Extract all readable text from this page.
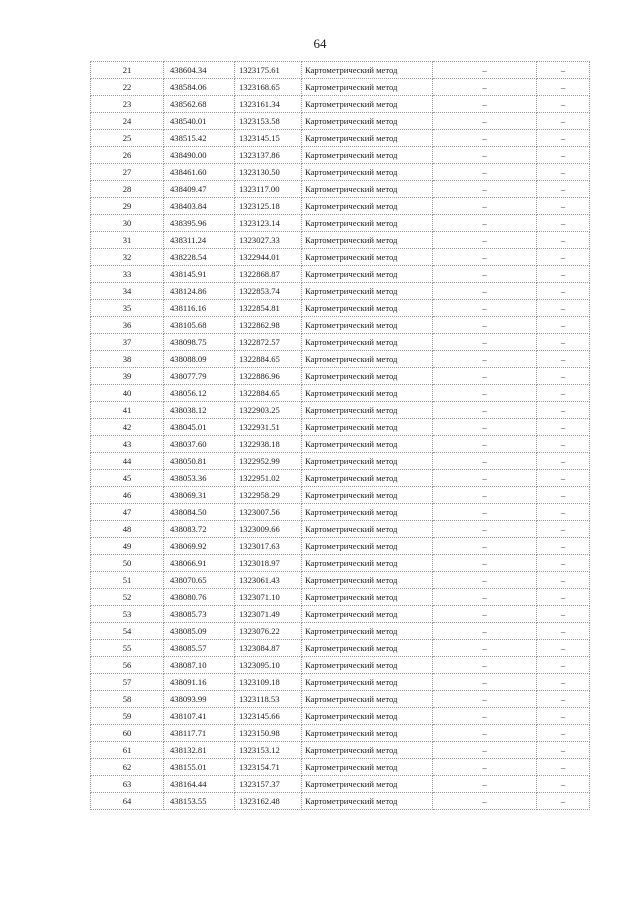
64
21	438604.34	1323175.61	Картометрический метод	–	–
22	438584.06	1323168.65	Картометрический метод	–	–
23	438562.68	1323161.34	Картометрический метод	–	–
24	438540.01	1323153.58	Картометрический метод	–	–
25	438515.42	1323145.15	Картометрический метод	–	–
26	438490.00	1323137.86	Картометрический метод	–	–
27	438461.60	1323130.50	Картометрический метод	–	–
28	438409.47	1323117.00	Картометрический метод	–	–
29	438403.84	1323125.18	Картометрический метод	–	–
30	438395.96	1323123.14	Картометрический метод	–	–
31	438311.24	1323027.33	Картометрический метод	–	–
32	438228.54	1322944.01	Картометрический метод	–	–
33	438145.91	1322868.87	Картометрический метод	–	–
34	438124.86	1322853.74	Картометрический метод	–	–
35	438116.16	1322854.81	Картометрический метод	–	–
36	438105.68	1322862.98	Картометрический метод	–	–
37	438098.75	1322872.57	Картометрический метод	–	–
38	438088.09	1322884.65	Картометрический метод	–	–
39	438077.79	1322886.96	Картометрический метод	–	–
40	438056.12	1322884.65	Картометрический метод	–	–
41	438038.12	1322903.25	Картометрический метод	–	–
42	438045.01	1322931.51	Картометрический метод	–	–
43	438037.60	1322938.18	Картометрический метод	–	–
44	438050.81	1322952.99	Картометрический метод	–	–
45	438053.36	1322951.02	Картометрический метод	–	–
46	438069.31	1322958.29	Картометрический метод	–	–
47	438084.50	1323007.56	Картометрический метод	–	–
48	438083.72	1323009.66	Картометрический метод	–	–
49	438069.92	1323017.63	Картометрический метод	–	–
50	438066.91	1323018.97	Картометрический метод	–	–
51	438070.65	1323061.43	Картометрический метод	–	–
52	438080.76	1323071.10	Картометрический метод	–	–
53	438085.73	1323071.49	Картометрический метод	–	–
54	438085.09	1323076.22	Картометрический метод	–	–
55	438085.57	1323084.87	Картометрический метод	–	–
56	438087.10	1323095.10	Картометрический метод	–	–
57	438091.16	1323109.18	Картометрический метод	–	–
58	438093.99	1323118.53	Картометрический метод	–	–
59	438107.41	1323145.66	Картометрический метод	–	–
60	438117.71	1323150.98	Картометрический метод	–	–
61	438132.81	1323153.12	Картометрический метод	–	–
62	438155.01	1323154.71	Картометрический метод	–	–
63	438164.44	1323157.37	Картометрический метод	–	–
64	438153.55	1323162.48	Картометрический метод	–	–
